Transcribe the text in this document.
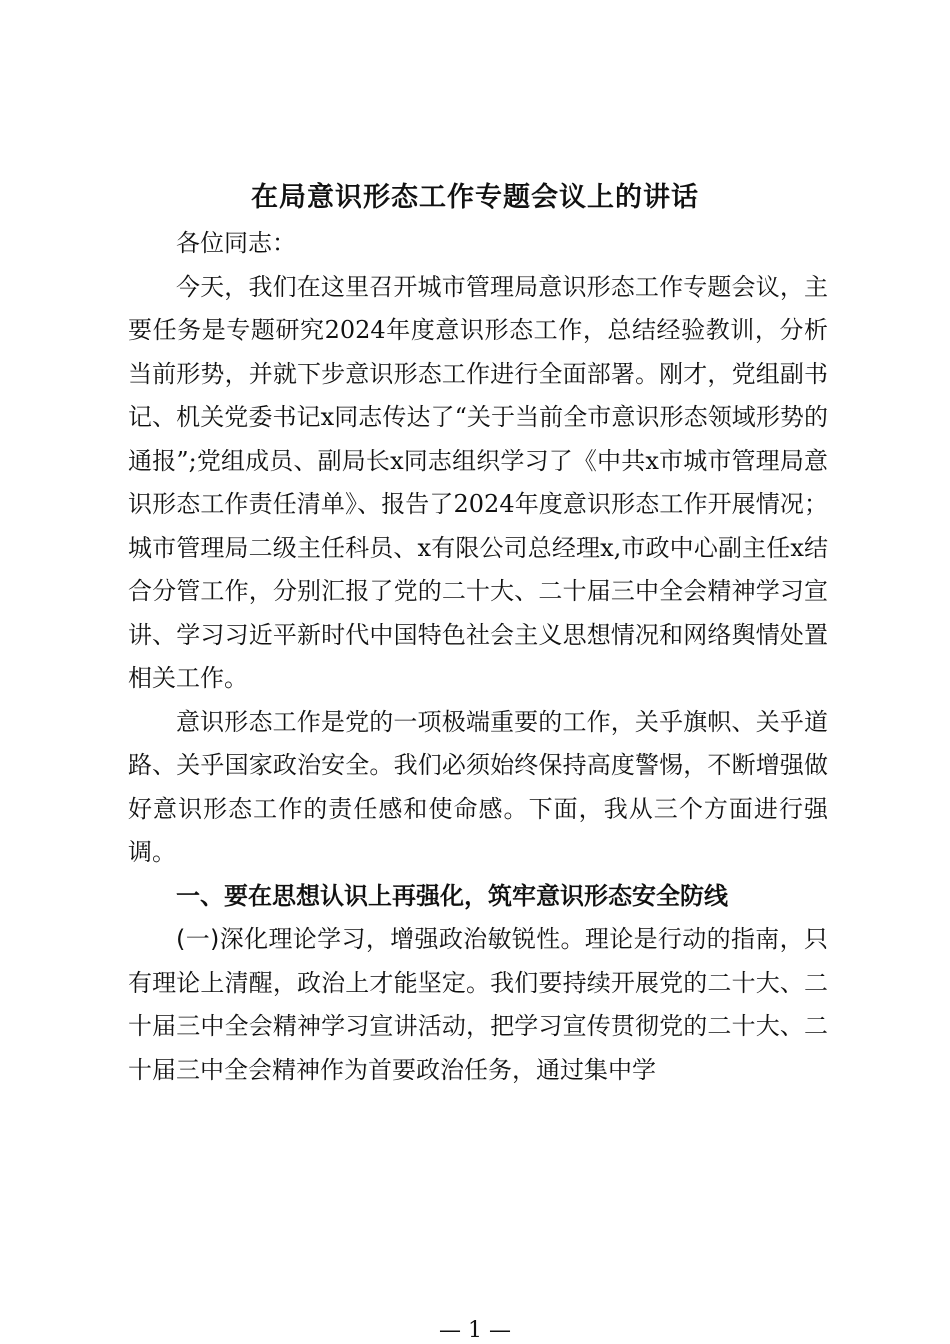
在局意识形态工作专题会议上的讲话

各位同志：

今天，我们在这里召开城市管理局意识形态工作专题会议，主要任务是专题研究2024年度意识形态工作，总结经验教训，分析当前形势，并就下步意识形态工作进行全面部署。刚才，党组副书记、机关党委书记x同志传达了“关于当前全市意识形态领域形势的通报”;党组成员、副局长x同志组织学习了《中共x市城市管理局意识形态工作责任清单》、报告了2024年度意识形态工作开展情况；城市管理局二级主任科员、x有限公司总经理x,市政中心副主任x结合分管工作，分别汇报了党的二十大、二十届三中全会精神学习宣讲、学习习近平新时代中国特色社会主义思想情况和网络舆情处置相关工作。

意识形态工作是党的一项极端重要的工作，关乎旗帜、关乎道路、关乎国家政治安全。我们必须始终保持高度警惕，不断增强做好意识形态工作的责任感和使命感。下面，我从三个方面进行强调。

一、要在思想认识上再强化，筑牢意识形态安全防线

(一)深化理论学习，增强政治敏锐性。理论是行动的指南，只有理论上清醒，政治上才能坚定。我们要持续开展党的二十大、二十届三中全会精神学习宣讲活动，把学习宣传贯彻党的二十大、二十届三中全会精神作为首要政治任务，通过集中学

— 1 —
